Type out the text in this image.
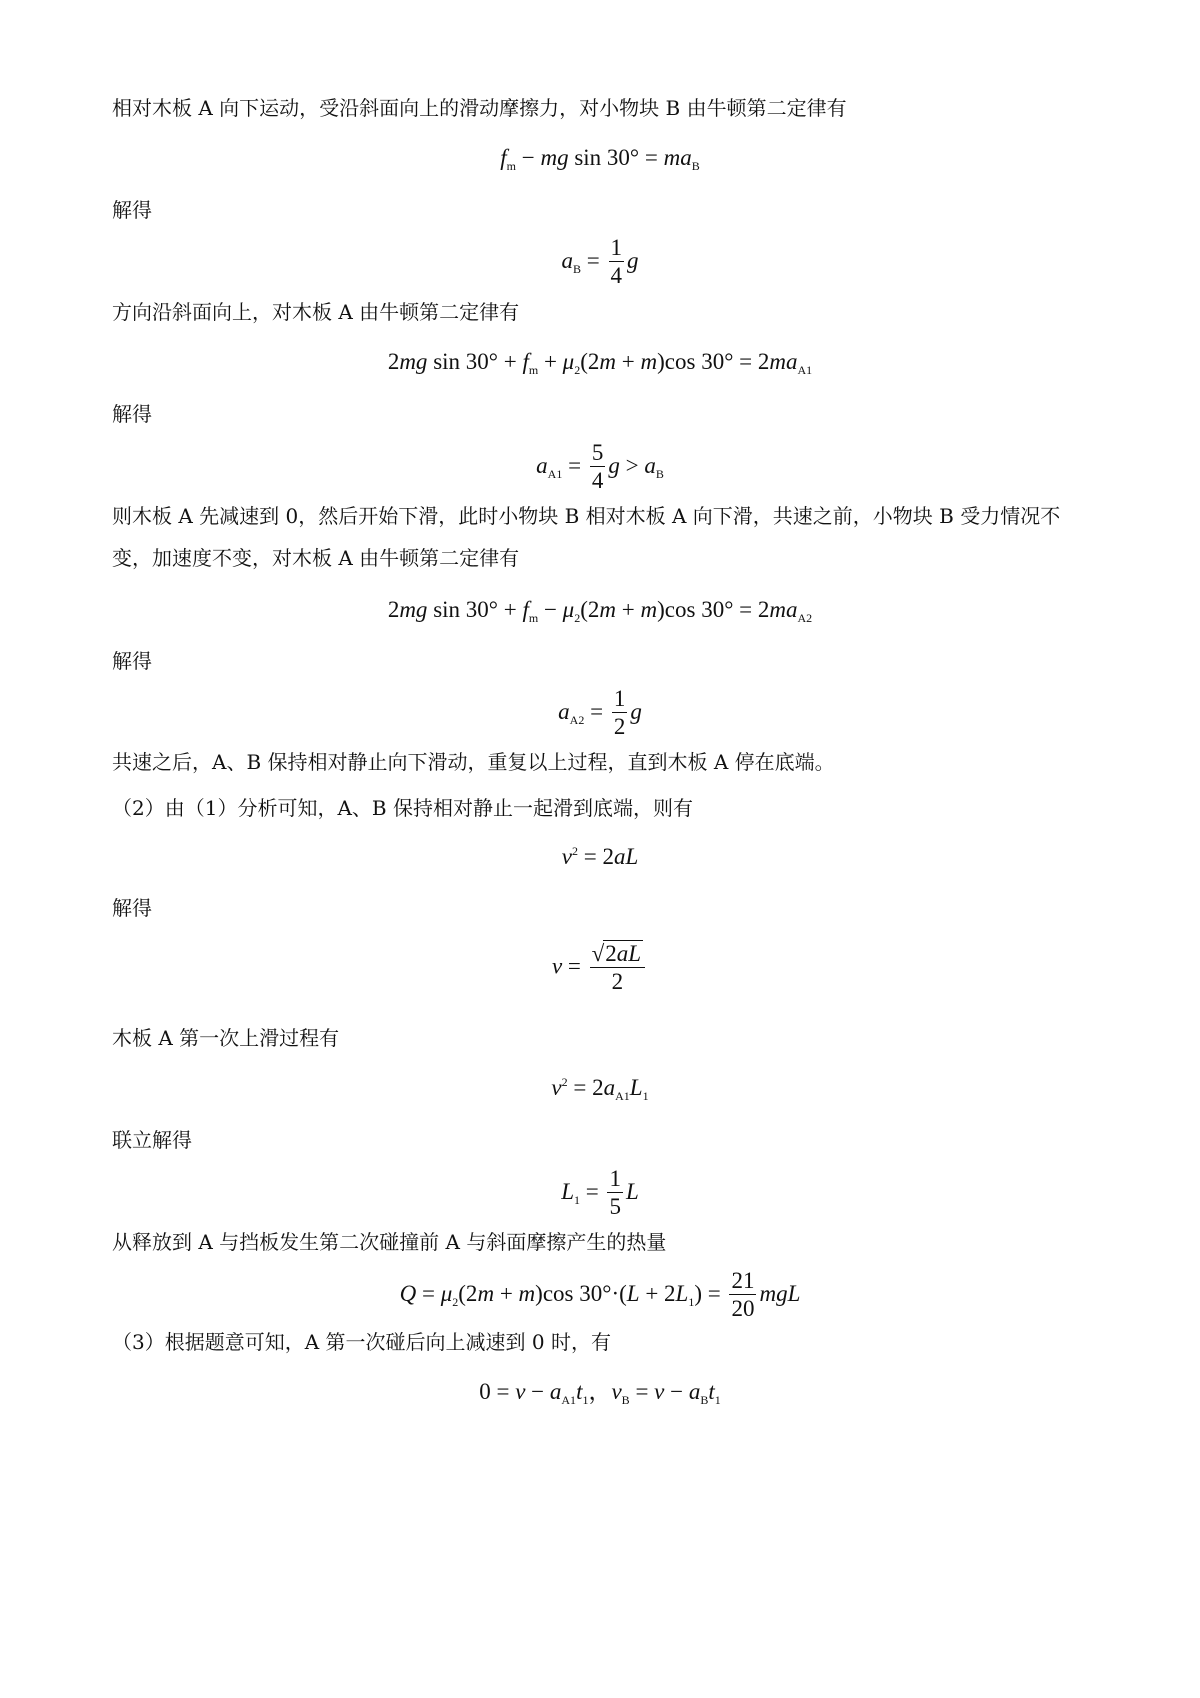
相对木板 A 向下运动，受沿斜面向上的滑动摩擦力，对小物块 B 由牛顿第二定律有
$f_m$ − mg $\sin 30^\circ = ma_B$
解得
$a_B = \frac{1}{4}$ g
方向沿斜面向上，对木板 A 由牛顿第二定律有
2mg $\sin 30^\circ + f_m + \mu_2(2m + m)\cos$ $30^\circ = 2ma_{A1}$
解得
$a_{A1} = \frac{5}{4}$ $g > a_B$
则木板 A 先减速到 0，然后开始下滑，此时小物块 B 相对木板 A 向下滑，共速之前，小物块 B 受力情况不
变，加速度不变，对木板 A 由牛顿第二定律有
2mg $\sin 30^\circ + f_m - \mu_2(2m + m)\cos$ $30^\circ = 2ma_{A2}$
解得
$a_{A2} = \frac{1}{2}$ g
共速之后，A、B 保持相对静止向下滑动，重复以上过程，直到木板 A 停在底端。
（2）由（1）分析可知，A、B 保持相对静止一起滑到底端，则有
$v^2 = 2aL$
解得
$v = \frac{√2aL}{2}$
木板 A 第一次上滑过程有
$v^2 = 2a_{A1}L_1$
联立解得
$L_1 = \frac{1}{5}$ L
从释放到 A 与挡板发生第二次碰撞前 A 与斜面摩擦产生的热量
$Q = \mu_2(2m + m)\cos$ $30^\circ\cdot(L + 2L_1) = \frac{21}{20}$ mgL
（3）根据题意可知，A 第一次碰后向上减速到 0 时，有
$0 = v - a_{A1}t_1$，$v_B = v - a_Bt_1$
